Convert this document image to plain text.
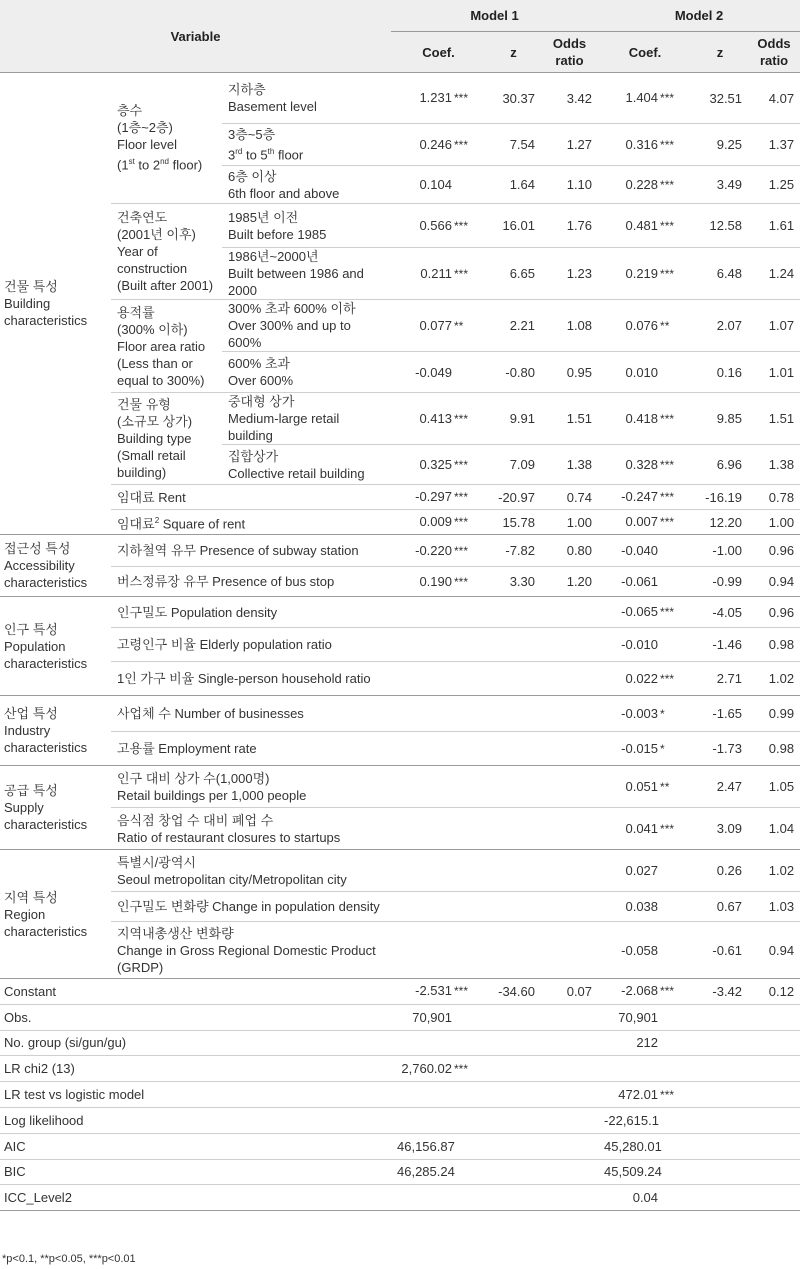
Variable			Model 1			Model 2		
			Coef.	z	Odds
ratio	Coef.	z	Odds
ratio
건물 특성
Building characteristics	층수
(1층~2층)
Floor level
(1st to 2nd floor)	지하층
Basement level	1.231 ***	30.37	3.42	1.404 ***	32.51	4.07
		3층~5층
3rd to 5th floor	0.246 ***	7.54	1.27	0.316 ***	9.25	1.37
		6층 이상
6th floor and above	0.104	1.64	1.10	0.228 ***	3.49	1.25
	건축연도
(2001년 이후)
Year of construction
(Built after 2001)	1985년 이전
Built before 1985	0.566 ***	16.01	1.76	0.481 ***	12.58	1.61
		1986년~2000년
Built between 1986 and 2000	0.211 ***	6.65	1.23	0.219 ***	6.48	1.24
	용적률
(300% 이하)
Floor area ratio
(Less than or equal to 300%)	300% 초과 600% 이하
Over 300% and up to 600%	0.077 **	2.21	1.08	0.076 **	2.07	1.07
		600% 초과
Over 600%	-0.049	-0.80	0.95	0.010	0.16	1.01
	건물 유형
(소규모 상가)
Building type
(Small retail building)	중대형 상가
Medium-large retail building	0.413 ***	9.91	1.51	0.418 ***	9.85	1.51
		집합상가
Collective retail building	0.325 ***	7.09	1.38	0.328 ***	6.96	1.38
	임대료 Rent		-0.297 ***	-20.97	0.74	-0.247 ***	-16.19	0.78
	임대료$^2$ Square of rent		0.009 ***	15.78	1.00	0.007 ***	12.20	1.00
접근성 특성
Accessibility characteristics	지하철역 유무 Presence of subway station		-0.220 ***	-7.82	0.80	-0.040	-1.00	0.96
	버스정류장 유무 Presence of bus stop		0.190 ***	3.30	1.20	-0.061	-0.99	0.94
인구 특성
Population characteristics	인구밀도 Population density					-0.065 ***	-4.05	0.96
	고령인구 비율 Elderly population ratio					-0.010	-1.46	0.98
	1인 가구 비율 Single-person household ratio					0.022 ***	2.71	1.02
산업 특성
Industry characteristics	사업체 수 Number of businesses					-0.003 *	-1.65	0.99
	고용률 Employment rate					-0.015 *	-1.73	0.98
공급 특성
Supply characteristics	인구 대비 상가 수(1,000명)
Retail buildings per 1,000 people					0.051 **	2.47	1.05
	음식점 창업 수 대비 폐업 수
Ratio of restaurant closures to startups					0.041 ***	3.09	1.04
지역 특성
Region characteristics	특별시/광역시
Seoul metropolitan city/Metropolitan city					0.027	0.26	1.02
	인구밀도 변화량 Change in population density					0.038	0.67	1.03
	지역내총생산 변화량
Change in Gross Regional Domestic Product (GRDP)					-0.058	-0.61	0.94
Constant			-2.531 ***	-34.60	0.07	-2.068 ***	-3.42	0.12
Obs.			70,901			70,901		
No. group (si/gun/gu)						212		
LR chi2 (13)			2,760.02 ***					
LR test vs logistic model						472.01 ***		
Log likelihood						-22,615.1		
AIC			46,156.87			45,280.01		
BIC			46,285.24			45,509.24		
ICC_Level2						0.04		
*p<0.1, **p<0.05, ***p<0.01
